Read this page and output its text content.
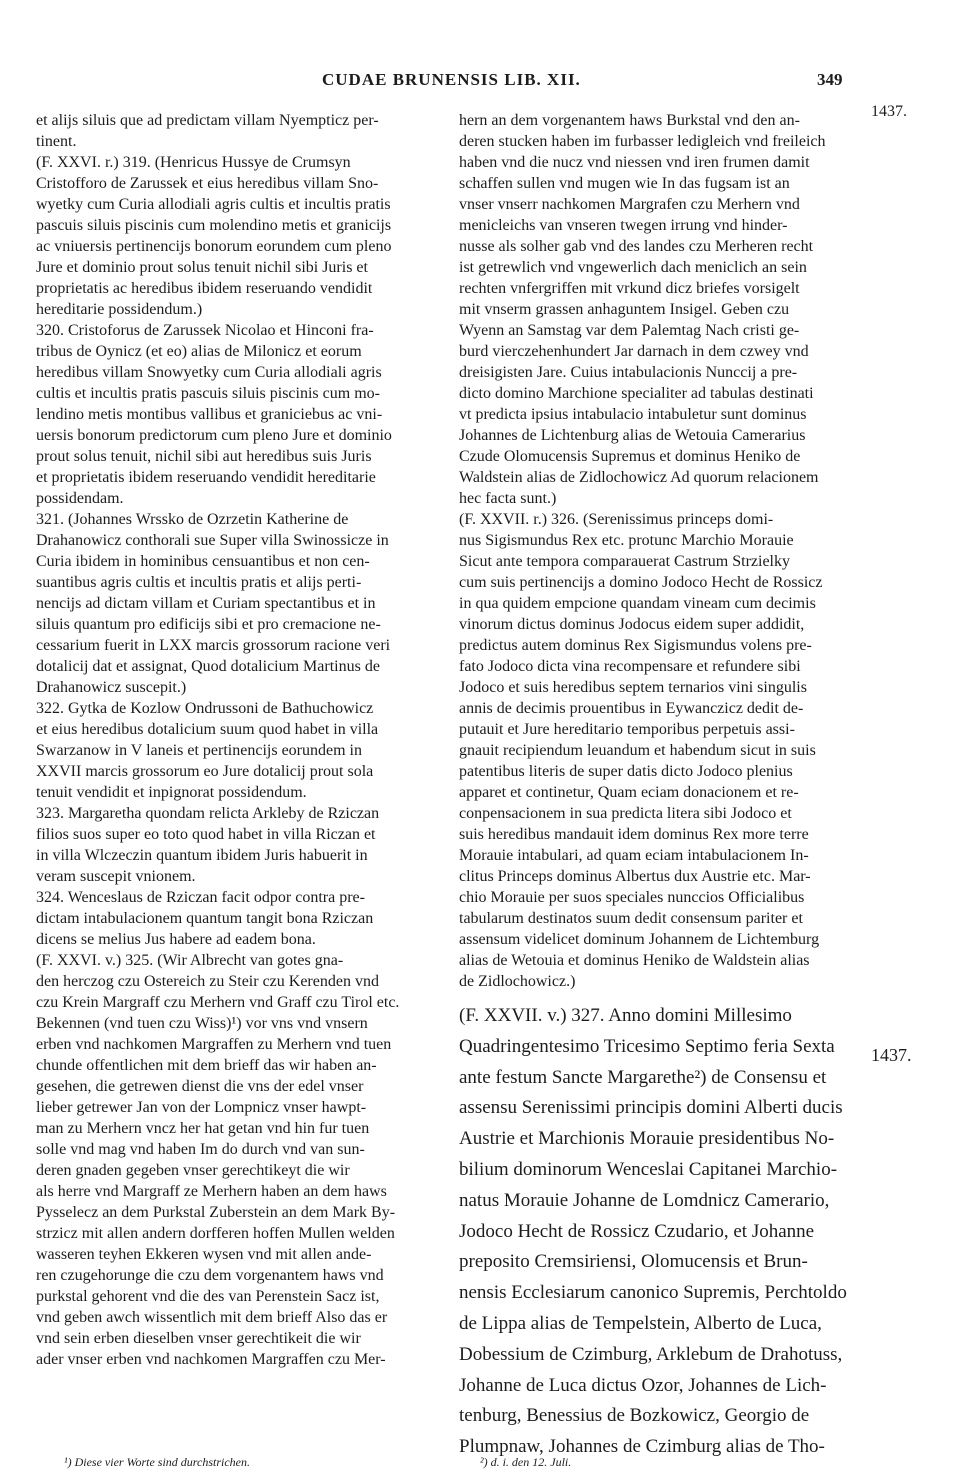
CUDAE BRUNENSIS LIB. XII.	349
1437.
1437.
et alijs siluis que ad predictam villam Nyempticz per-
tinent.
(F. XXVI. r.) 319. (Henricus Hussye de Crumsyn
Cristofforo de Zarussek et eius heredibus villam Sno-
wyetky cum Curia allodiali agris cultis et incultis pratis
pascuis siluis piscinis cum molendino metis et granicijs
ac vniuersis pertinencijs bonorum eorundem cum pleno
Jure et dominio prout solus tenuit nichil sibi Juris et
proprietatis ac heredibus ibidem reseruando vendidit
hereditarie possidendum.)
320. Cristoforus de Zarussek Nicolao et Hinconi fra-
tribus de Oynicz (et eo) alias de Milonicz et eorum
heredibus villam Snowyetky cum Curia allodiali agris
cultis et incultis pratis pascuis siluis piscinis cum mo-
lendino metis montibus vallibus et graniciebus ac vni-
uersis bonorum predictorum cum pleno Jure et dominio
prout solus tenuit, nichil sibi aut heredibus suis Juris
et proprietatis ibidem reseruando vendidit hereditarie
possidendam.
321. (Johannes Wrssko de Ozrzetin Katherine de
Drahanowicz conthorali sue Super villa Swinossicze in
Curia ibidem in hominibus censuantibus et non cen-
suantibus agris cultis et incultis pratis et alijs perti-
nencijs ad dictam villam et Curiam spectantibus et in
siluis quantum pro edificijs sibi et pro cremacione ne-
cessarium fuerit in LXX marcis grossorum racione veri
dotalicij dat et assignat, Quod dotalicium Martinus de
Drahanowicz suscepit.)
322. Gytka de Kozlow Ondrussoni de Bathuchowicz
et eius heredibus dotalicium suum quod habet in villa
Swarzanow in V laneis et pertinencijs eorundem in
XXVII marcis grossorum eo Jure dotalicij prout sola
tenuit vendidit et inpignorat possidendum.
323. Margaretha quondam relicta Arkleby de Rziczan
filios suos super eo toto quod habet in villa Riczan et
in villa Wlczeczin quantum ibidem Juris habuerit in
veram suscepit vnionem.
324. Wenceslaus de Rziczan facit odpor contra pre-
dictam intabulacionem quantum tangit bona Rziczan
dicens se melius Jus habere ad eadem bona.
(F. XXVI. v.) 325. (Wir Albrecht van gotes gna-
den herczog czu Ostereich zu Steir czu Kerenden vnd
czu Krein Margraff czu Merhern vnd Graff czu Tirol etc.
Bekennen (vnd tuen czu Wiss)¹) vor vns vnd vnsern
erben vnd nachkomen Margraffen zu Merhern vnd tuen
chunde offentlichen mit dem brieff das wir haben an-
gesehen, die getrewen dienst die vns der edel vnser
lieber getrewer Jan von der Lompnicz vnser hawpt-
man zu Merhern vncz her hat getan vnd hin fur tuen
solle vnd mag vnd haben Im do durch vnd van sun-
deren gnaden gegeben vnser gerechtikeyt die wir
als herre vnd Margraff ze Merhern haben an dem haws
Pysselecz an dem Purkstal Zuberstein an dem Mark By-
strzicz mit allen andern dorfferen hoffen Mullen welden
wasseren teyhen Ekkeren wysen vnd mit allen ande-
ren czugehorunge die czu dem vorgenantem haws vnd
purkstal gehorent vnd die des van Perenstein Sacz ist,
vnd geben awch wissentlich mit dem brieff Also das er
vnd sein erben dieselben vnser gerechtikeit die wir
ader vnser erben vnd nachkomen Margraffen czu Mer-
hern an dem vorgenantem haws Burkstal vnd den an-
deren stucken haben im furbasser ledigleich vnd freileich
haben vnd die nucz vnd niessen vnd iren frumen damit
schaffen sullen vnd mugen wie In das fugsam ist an
vnser vnserr nachkomen Margrafen czu Merhern vnd
menicleichs van vnseren twegen irrung vnd hinder-
nusse als solher gab vnd des landes czu Merheren recht
ist getrewlich vnd vngewerlich dach meniclich an sein
rechten vnfergriffen mit vrkund dicz briefes vorsigelt
mit vnserm grassen anhaguntem Insigel. Geben czu
Wyenn an Samstag var dem Palemtag Nach cristi ge-
burd vierczehenhundert Jar darnach in dem czwey vnd
dreisigisten Jare. Cuius intabulacionis Nunccij a pre-
dicto domino Marchione specialiter ad tabulas destinati
vt predicta ipsius intabulacio intabuletur sunt dominus
Johannes de Lichtenburg alias de Wetouia Camerarius
Czude Olomucensis Supremus et dominus Heniko de
Waldstein alias de Zidlochowicz Ad quorum relacionem
hec facta sunt.)
(F. XXVII. r.) 326. (Serenissimus princeps domi-
nus Sigismundus Rex etc. protunc Marchio Morauie
Sicut ante tempora comparauerat Castrum Strzielky
cum suis pertinencijs a domino Jodoco Hecht de Rossicz
in qua quidem empcione quandam vineam cum decimis
vinorum dictus dominus Jodocus eidem super addidit,
predictus autem dominus Rex Sigismundus volens pre-
fato Jodoco dicta vina recompensare et refundere sibi
Jodoco et suis heredibus septem ternarios vini singulis
annis de decimis prouentibus in Eywanczicz dedit de-
putauit et Jure hereditario temporibus perpetuis assi-
gnauit recipiendum leuandum et habendum sicut in suis
patentibus literis de super datis dicto Jodoco plenius
apparet et continetur, Quam eciam donacionem et re-
conpensacionem in sua predicta litera sibi Jodoco et
suis heredibus mandauit idem dominus Rex more terre
Morauie intabulari, ad quam eciam intabulacionem In-
clitus Princeps dominus Albertus dux Austrie etc. Mar-
chio Morauie per suos speciales nunccios Officialibus
tabularum destinatos suum dedit consensum pariter et
assensum videlicet dominum Johannem de Lichtemburg
alias de Wetouia et dominus Heniko de Waldstein alias
de Zidlochowicz.)
(F. XXVII. v.) 327. Anno domini Millesimo
Quadringentesimo Tricesimo Septimo feria Sexta
ante festum Sancte Margarethe²) de Consensu et
assensu Serenissimi principis domini Alberti ducis
Austrie et Marchionis Morauie presidentibus No-
bilium dominorum Wenceslai Capitanei Marchio-
natus Morauie Johanne de Lomdnicz Camerario,
Jodoco Hecht de Rossicz Czudario, et Johanne
preposito Cremsiriensi, Olomucensis et Brun-
nensis Ecclesiarum canonico Supremis, Perchtoldo
de Lippa alias de Tempelstein, Alberto de Luca,
Dobessium de Czimburg, Arklebum de Drahotuss,
Johanne de Luca dictus Ozor, Johannes de Lich-
tenburg, Benessius de Bozkowicz, Georgio de
Plumpnaw, Johannes de Czimburg alias de Tho-
¹) Diese vier Worte sind durchstrichen.	²) d. i. den 12. Juli.
